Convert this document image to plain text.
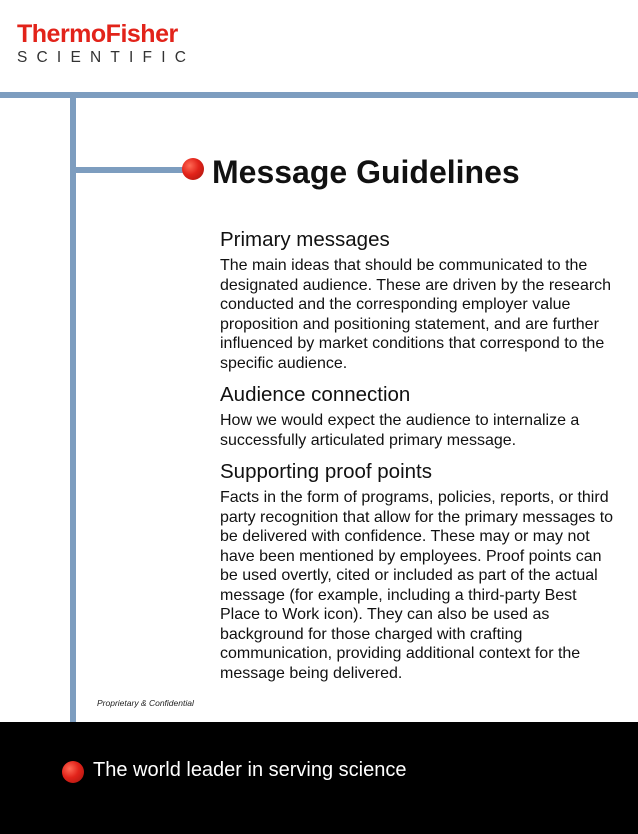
ThermoFisher
SCIENTIFIC
Message Guidelines
Primary messages

The main ideas that should be communicated to the designated audience. These are driven by the research conducted and the corresponding employer value proposition and positioning statement, and are further influenced by market conditions that correspond to the specific audience.

Audience connection

How we would expect the audience to internalize a successfully articulated primary message.

Supporting proof points

Facts in the form of programs, policies, reports, or third party recognition that allow for the primary messages to be delivered with confidence. These may or may not have been mentioned by employees. Proof points can be used overtly, cited or included as part of the actual message (for example, including a third-party Best Place to Work icon). They can also be used as background for those charged with crafting communication, providing additional context for the message being delivered.

Proprietary & Confidential
The world leader in serving science
